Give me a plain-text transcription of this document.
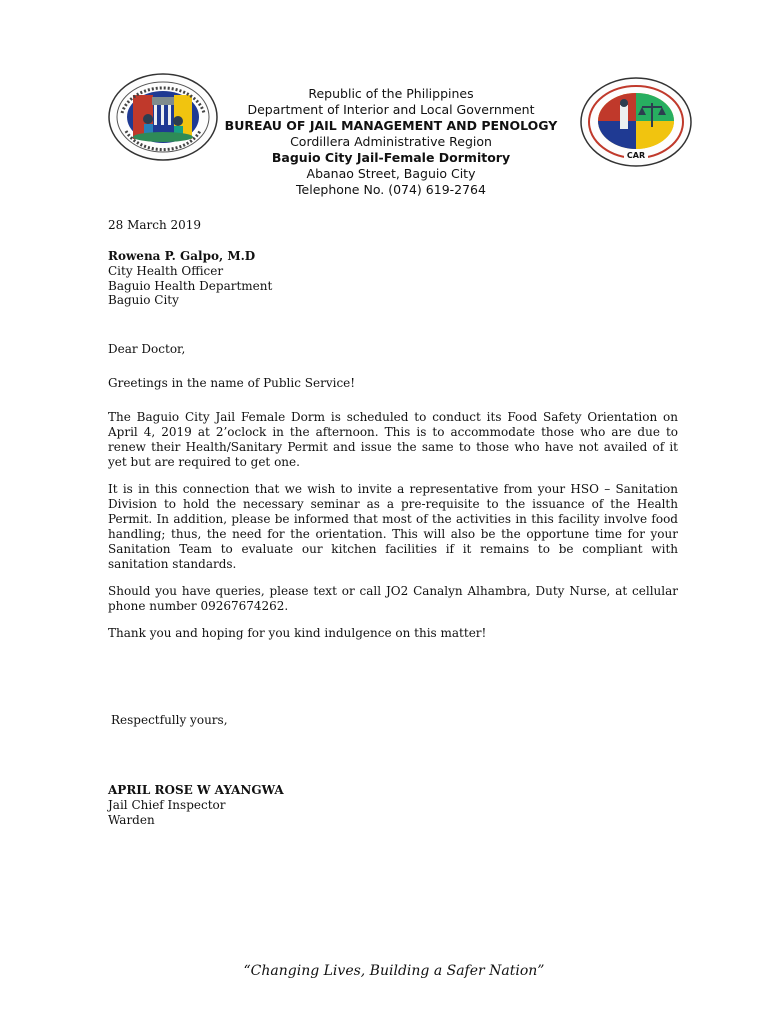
CAR
Republic of the Philippines
Department of Interior and Local Government
BUREAU OF JAIL MANAGEMENT AND PENOLOGY
Cordillera Administrative Region
Baguio City Jail-Female Dormitory
Abanao Street, Baguio City
Telephone No. (074) 619-2764
28 March 2019
Rowena P. Galpo, M.D
City Health Officer
Baguio Health Department
Baguio City
Dear Doctor,
Greetings in the name of Public Service!
The Baguio City Jail Female Dorm is scheduled to conduct its Food Safety Orientation on April 4, 2019 at 2’oclock in the afternoon. This is to accommodate those who are due to renew their Health/Sanitary Permit and issue the same to those who have not availed of it yet but are required to get one.
It is in this connection that we wish to invite a representative from your HSO – Sanitation Division to hold the necessary seminar as a pre-requisite to the issuance of the Health Permit. In addition, please be informed that most of the activities in this facility involve food handling; thus, the need for the orientation. This will also be the opportune time for your Sanitation Team to evaluate our kitchen facilities if it remains to be compliant with sanitation standards.
Should you have queries, please text or call JO2 Canalyn Alhambra, Duty Nurse, at cellular phone number 09267674262.
Thank you and hoping for you kind indulgence on this matter!
Respectfully yours,
APRIL ROSE W AYANGWA
Jail Chief Inspector
Warden
“Changing Lives, Building a Safer Nation”
